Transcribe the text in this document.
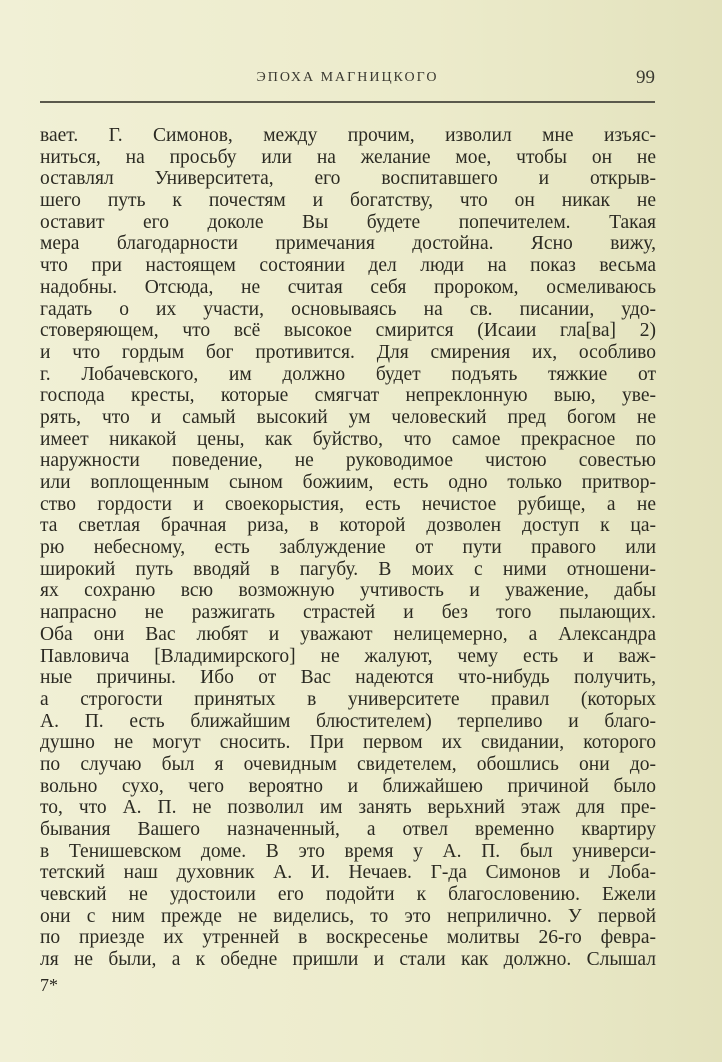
ЭПОХА МАГНИЦКОГО	99
вает. Г. Симонов, между прочим, изволил мне изъяс-
ниться, на просьбу или на желание мое, чтобы он не
оставлял Университета, его воспитавшего и открыв-
шего путь к почестям и богатству, что он никак не
оставит его доколе Вы будете попечителем. Такая
мера благодарности примечания достойна. Ясно вижу,
что при настоящем состоянии дел люди на показ весьма
надобны. Отсюда, не считая себя пророком, осмеливаюсь
гадать о их участи, основываясь на св. писании, удо-
стоверяющем, что всё высокое смирится (Исаии гла[ва] 2)
и что гордым бог противится. Для смирения их, особливо
г. Лобачевского, им должно будет подъять тяжкие от
господа кресты, которые смягчат непреклонную выю, уве-
рять, что и самый высокий ум человеский пред богом не
имеет никакой цены, как буйство, что самое прекрасное по
наружности поведение, не руководимое чистою совестью
или воплощенным сыном божиим, есть одно только притвор-
ство гордости и своекорыстия, есть нечистое рубище, а не
та светлая брачная риза, в которой дозволен доступ к ца-
рю небесному, есть заблуждение от пути правого или
широкий путь вводяй в пагубу. В моих с ними отношени-
ях сохраню всю возможную учтивость и уважение, дабы
напрасно не разжигать страстей и без того пылающих.
Оба они Вас любят и уважают нелицемерно, а Александра
Павловича [Владимирского] не жалуют, чему есть и важ-
ные причины. Ибо от Вас надеются что-нибудь получить,
а строгости принятых в университете правил (которых
А. П. есть ближайшим блюстителем) терпеливо и благо-
душно не могут сносить. При первом их свидании, которого
по случаю был я очевидным свидетелем, обошлись они до-
вольно сухо, чего вероятно и ближайшею причиной было
то, что А. П. не позволил им занять верьхний этаж для пре-
бывания Вашего назначенный, а отвел временно квартиру
в Тенишевском доме. В это время у А. П. был универси-
тетский наш духовник А. И. Нечаев. Г-да Симонов и Лоба-
чевский не удостоили его подойти к благословению. Ежели
они с ним прежде не виделись, то это неприлично. У первой
по приезде их утренней в воскресенье молитвы 26-го февра-
ля не были, а к обедне пришли и стали как должно. Слышал
7*
